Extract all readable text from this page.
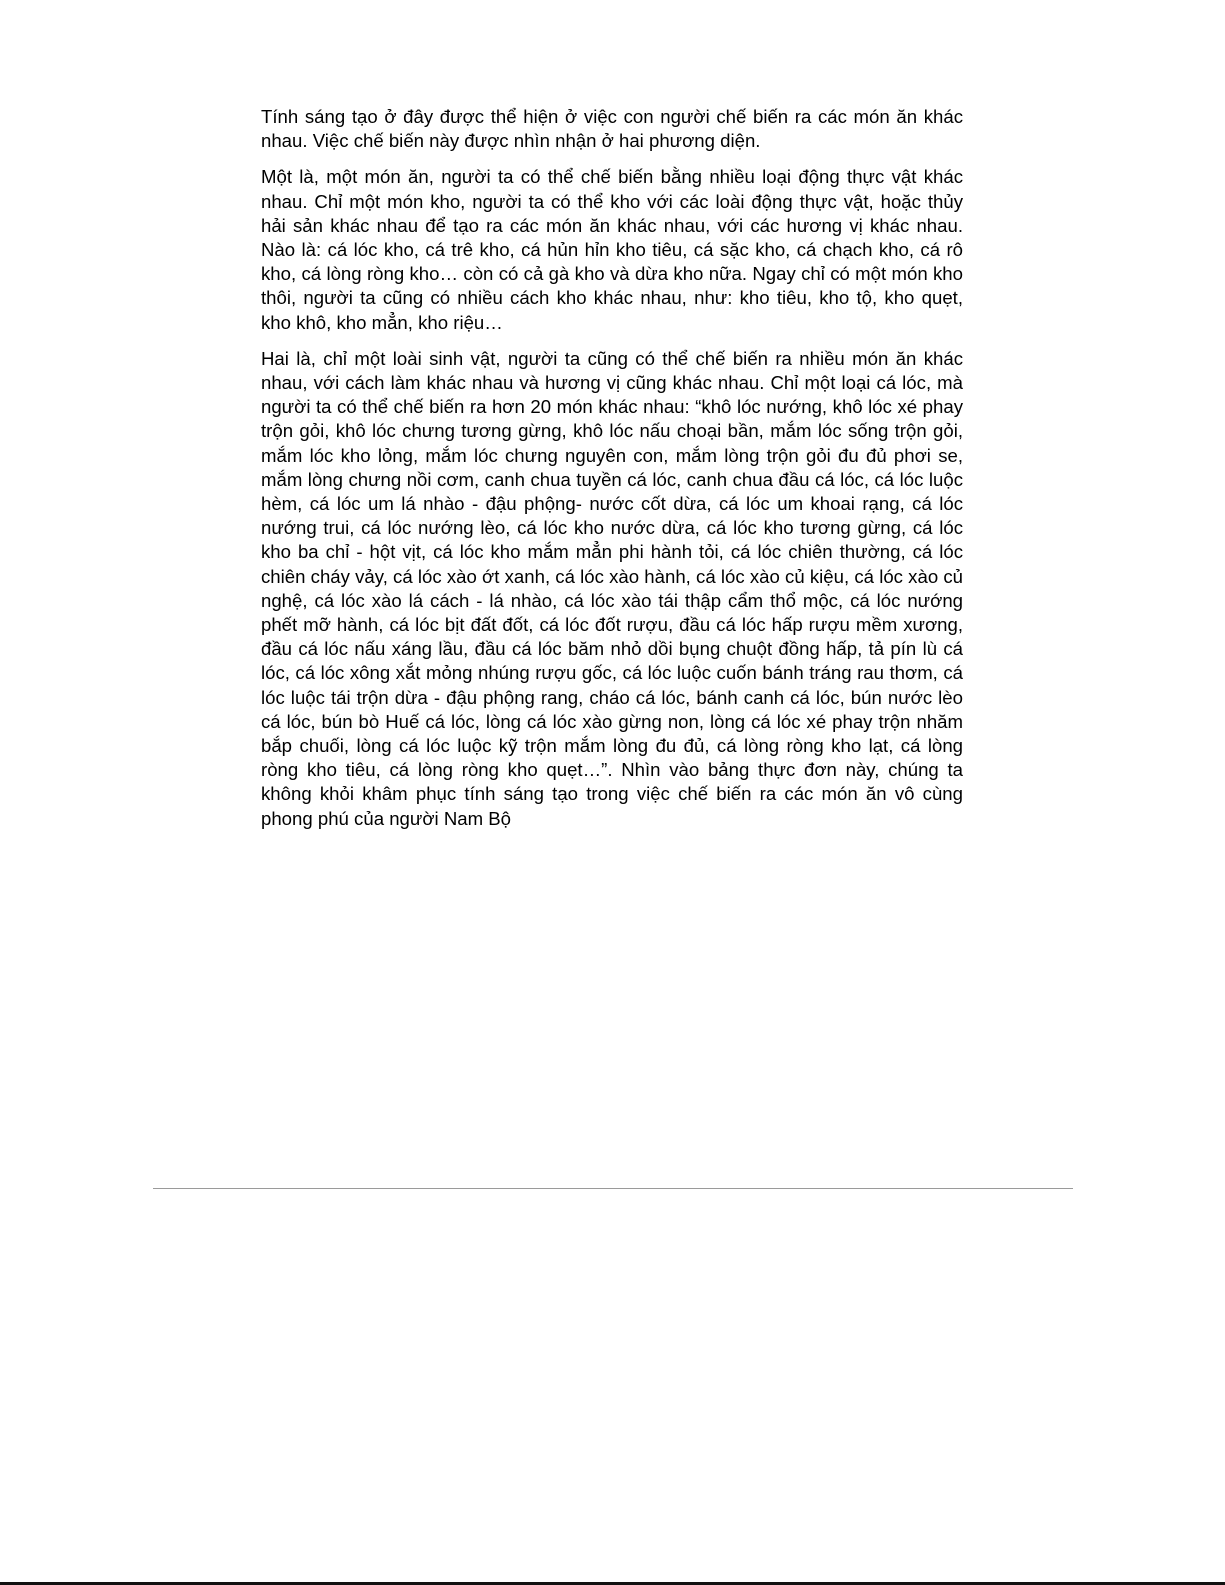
Tính sáng tạo ở đây được thể hiện ở việc con người chế biến ra các món ăn khác nhau. Việc chế biến này được nhìn nhận ở hai phương diện.

Một là, một món ăn, người ta có thể chế biến bằng nhiều loại động thực vật khác nhau. Chỉ một món kho, người ta có thể kho với các loài động thực vật, hoặc thủy hải sản khác nhau để tạo ra các món ăn khác nhau, với các hương vị khác nhau. Nào là: cá lóc kho, cá trê kho, cá hủn hỉn kho tiêu, cá sặc kho, cá chạch kho, cá rô kho, cá lòng ròng kho… còn có cả gà kho và dừa kho nữa. Ngay chỉ có một món kho thôi, người ta cũng có nhiều cách kho khác nhau, như: kho tiêu, kho tộ, kho quẹt, kho khô, kho mẳn, kho riệu…

Hai là, chỉ một loài sinh vật, người ta cũng có thể chế biến ra nhiều món ăn khác nhau, với cách làm khác nhau và hương vị cũng khác nhau. Chỉ một loại cá lóc, mà người ta có thể chế biến ra hơn 20 món khác nhau: “khô lóc nướng, khô lóc xé phay trộn gỏi, khô lóc chưng tương gừng, khô lóc nấu choại bần, mắm lóc sống trộn gỏi, mắm lóc kho lỏng, mắm lóc chưng nguyên con, mắm lòng trộn gỏi đu đủ phơi se, mắm lòng chưng nồi cơm, canh chua tuyền cá lóc, canh chua đầu cá lóc, cá lóc luộc hèm, cá lóc um lá nhào - đậu phộng- nước cốt dừa, cá lóc um khoai rạng, cá lóc nướng trui, cá lóc nướng lèo, cá lóc kho nước dừa, cá lóc kho tương gừng, cá lóc kho ba chỉ - hột vịt, cá lóc kho mắm mẳn phi hành tỏi, cá lóc chiên thường, cá lóc chiên cháy vảy, cá lóc xào ớt xanh, cá lóc xào hành, cá lóc xào củ kiệu, cá lóc xào củ nghệ, cá lóc xào lá cách - lá nhào, cá lóc xào tái thập cẩm thổ mộc, cá lóc nướng phết mỡ hành, cá lóc bịt đất đốt, cá lóc đốt rượu, đầu cá lóc hấp rượu mềm xương, đầu cá lóc nấu xáng lầu, đầu cá lóc băm nhỏ dồi bụng chuột đồng hấp, tả pín lù cá lóc, cá lóc xông xắt mỏng nhúng rượu gốc, cá lóc luộc cuốn bánh tráng rau thơm, cá lóc luộc tái trộn dừa - đậu phộng rang, cháo cá lóc, bánh canh cá lóc, bún nước lèo cá lóc, bún bò Huế cá lóc, lòng cá lóc xào gừng non, lòng cá lóc xé phay trộn nhăm bắp chuối, lòng cá lóc luộc kỹ trộn mắm lòng đu đủ, cá lòng ròng kho lạt, cá lòng ròng kho tiêu, cá lòng ròng kho quẹt…”. Nhìn vào bảng thực đơn này, chúng ta không khỏi khâm phục tính sáng tạo trong việc chế biến ra các món ăn vô cùng phong phú của người Nam Bộ
